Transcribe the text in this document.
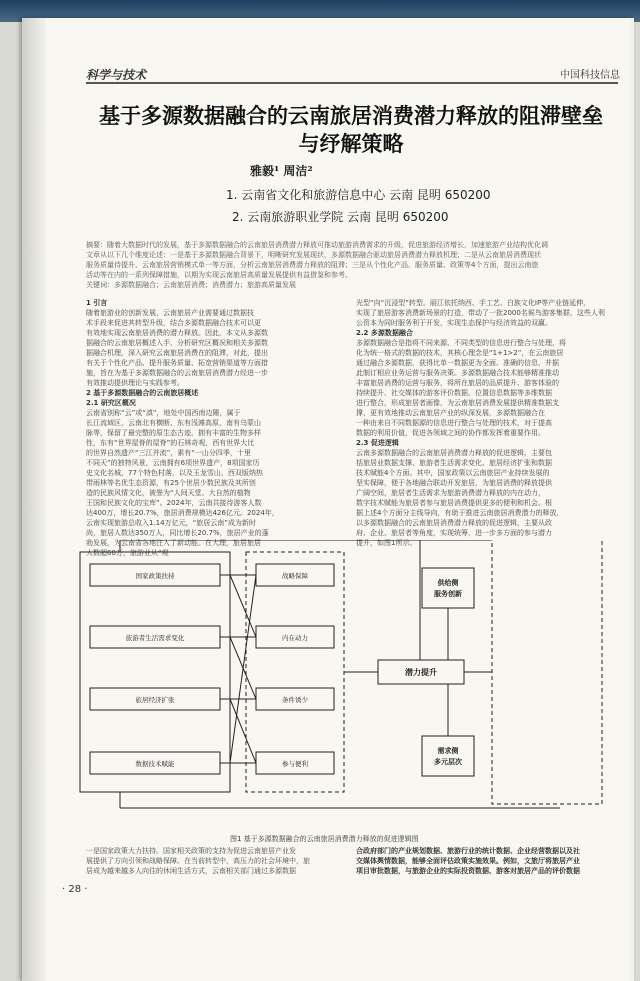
科学与技术	中国科技信息
基于多源数据融合的云南旅居消费潜力释放的阻滞壁垒
与纾解策略
雅毅¹ 周洁²
1. 云南省文化和旅游信息中心 云南 昆明 650200
2. 云南旅游职业学院 云南 昆明 650200
摘要：随着大数据时代的发展，基于多源数据融合的云南旅居消费潜力释放可推动旅游消费需求的升级，促进旅游经济增长，加速旅游产业结构优化调
文章从以下几个维度论述：一是基于多源数据融合背景下，明晰研究发展现状，多源数据融合驱动旅居消费潜力释放机理；二是从云南旅居消费现状
服务质量待提升、云南旅居营销模式单一等方面，分析云南旅居消费潜力释放的阻滞；三是从个性化产品、服务质量、政策等4个方面，提出云南旅
活动等在内的一系列保障措施，以期为实现云南旅居高质量发展提供有益借鉴和参考。
关键词：多源数据融合；云南旅居消费；消费潜力；旅游高质量发展
1 引言
随着旅游业的创新发展，云南旅居产业需要通过数据技
术手段来促进其转型升级，结合多源数据融合技术可以更
有效地实现云南旅居消费的潜力释放。因此，本文从多源数
据融合的云南旅居概述入手，分析研究区概况和相关多源数
据融合机理，深入研究云南旅居消费在的阻滞，对此，提出
有关于个性化产品、提升服务质量、拓宽营销渠道等方面措
施，旨在为基于多源数据融合的云南旅居消费潜力经进一步
有效推动提供理论与实践参考。
2 基于多源数据融合的云南旅居概述
2.1 研究区概况
云南省别称“云”或“滇”，地处中国西南边陲，属于
长江流域区，云南北有横断、东有浅滩高原，南有乌蒙山
脉等，保留了最完整的原生态古迹，拥有丰富的生物多样
性，东有“世界屋脊的屋脊”的石林奇观，西有世界大比
的世界自然遗产“三江并流”，素有“一山分四季，十里
不同天”的独特风景，云南拥有6项世界遗产，8项国家历
史文化名城，77个特色村落，以及玉龙雪山、西双版纳热
带雨林等名优生态资源，有25个世居少数民族及其所创
造的民族风情文化，被誉为“人间天堂、大自然的植物
王国和民族文化的宝库”。2024年，云南共接待游客人数
达400万，增长20.7%，旅居消费规模达426亿元。2024年，
云南实现旅游总收入1.14万亿元，“旅居云南”成为新时
尚，旅居人数达350万人，同比增长20.7%，旅居产业的蓬
勃发展，为云南省各地注入了新动能。在大理，旅居旅居
人数超60万，旅游业从“观
光型”向“沉浸型”转型。丽江依托纳西、手工艺、白族文化IP等产业链延伸，
实现了旅居游客消费新场景的打造，带动了一批2000名候鸟游客集群，这些人利
公资本为同时服务利于开发，实现生态保护与经济效益的双赢。
2.2 多源数据融合
多源数据融合是指将不同来源、不同类型的信息进行整合与处理，将
化为统一格式的数据的技术，其核心理念是“1+1>2”，在云南旅居
通过融合多源数据，获得比单一数据更为全面、准确的信息，并据
此制订相应业务运营与服务决策。多源数据融合技术能够精准推动
丰富旅居消费的运营与服务，将所在旅居的品质提升、游客体验的
持续提升、社交媒体的游客评价数据、位置信息数据等多维数据
进行整合，形成旅居者画像，为云南旅居消费发展提供精准数据支
撑，更有效地推动云南旅居产业的纵深发展，多源数据融合在
一种由来自不同数据源的信息进行整合与处理的技术，对于提高
数据的利用价值，促进各领域之间的协作都发挥着重要作用。
2.3 促进逻辑
云南多源数据融合的云南旅居消费潜力释放的促进逻辑，主要包
括旅居业数据支撑、旅游者生活需求变化、旅居经济扩张和数据
技术赋能4个方面。其中，国家政策以云南旅居产业持续发展的
坚实保障，便于各地融合联动开发旅居，为旅居消费的释放提供
广阔空间，旅居者生活需求为旅游消费潜力释放的内在动力，
数字技术赋能为旅居者参与旅居消费提供更多的便利和机会。根
据上述4个方面分主线导向，有助于推进云南旅居消费潜力的释放，
以多源数据融合的云南旅居消费潜力释放的促进逻辑，主要从政
府、企业、旅居者等角度，实现统筹，进一步多方面的参与潜力
提升，如图1所示。
国家政策扶持
旅游者生活需求变化
旅居经济扩张
数据技术赋能
战略保障
内在动力
条件诱少
参与便利
潜力提升
供给侧
服务创新
需求侧
多元层次
图1 基于多源数据融合的云南旅居消费潜力释放的促进逻辑图
一是国家政策大力扶持。国家相关政策的支持为促进云南旅居产业发
展提供了方向引领和战略保障。在当前转型中，高压力的社会环境中，旅
居成为越来越多人向往的休闲生活方式，云南相关部门通过多源数据
合政府部门的产业规划数据、旅游行业的统计数据、企业经营数据以及社
交媒体舆情数据，能够全面评估政策实施效果。例如，文旅厅将旅居产业
项目审批数据，与旅游企业的实际投资数据、游客对旅居产品的评价数据
· 28 ·
